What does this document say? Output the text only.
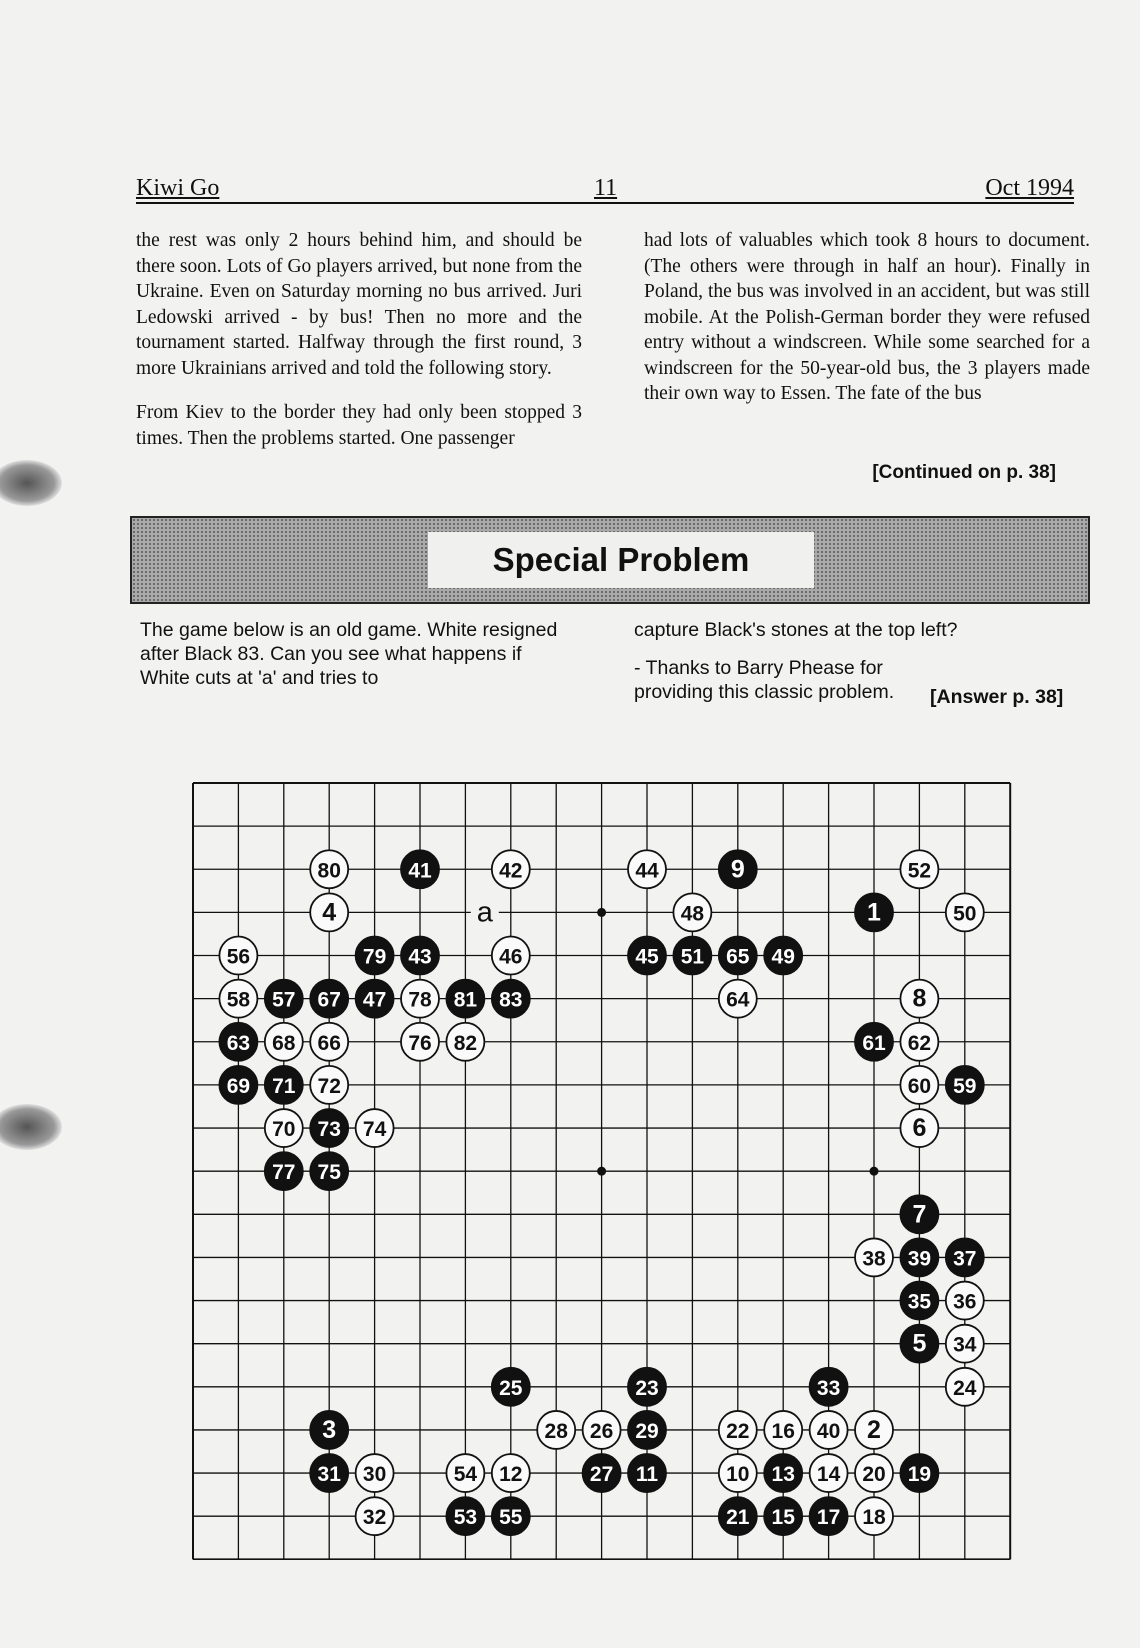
Kiwi Go	11	Oct 1994

the rest was only 2 hours behind him, and should be there soon. Lots of Go players arrived, but none from the Ukraine. Even on Saturday morning no bus arrived. Juri Ledowski arrived - by bus! Then no more and the tournament started. Halfway through the first round, 3 more Ukrainians arrived and told the following story.

From Kiev to the border they had only been stopped 3 times. Then the problems started. One passenger

had lots of valuables which took 8 hours to document. (The others were through in half an hour). Finally in Poland, the bus was involved in an accident, but was still mobile. At the Polish-German border they were refused entry without a windscreen. While some searched for a windscreen for the 50-year-old bus, the 3 players made their own way to Essen. The fate of the bus

[Continued on p. 38]
Special Problem

The game below is an old game. White resigned after Black 83. Can you see what happens if White cuts at 'a' and tries to

capture Black's stones at the top left?

- Thanks to Barry Phease for providing this classic problem.	[Answer p. 38]
80	41	42	44	9	52
4	48	1	50
56	79 43	46	45 51 65 49
58 57 67 47 78 81 83	64	8
63 68 66	76 82	61 62
69 71 72	60 59
70 73 74	6
77 75
7
38 39 37
35 36
5 34
25	23	33	24
3	28 26 29	22 16 40 2
31 30	54 12	27 11	10 13 14 20 19
32	53 55	21 15 17 18
a
